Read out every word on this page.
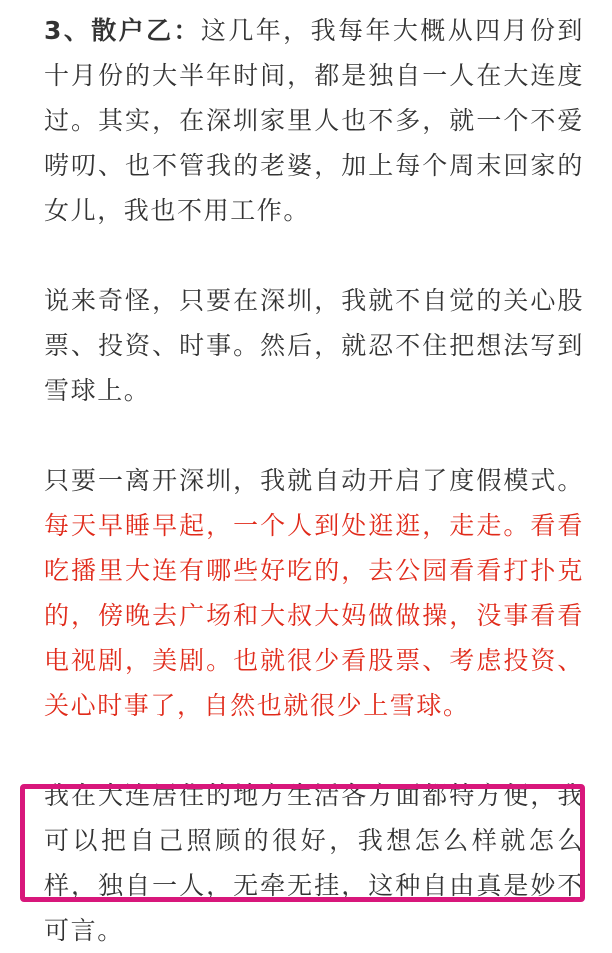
3、散户乙：这几年，我每年大概从四月份到十月份的大半年时间，都是独自一人在大连度过。其实，在深圳家里人也不多，就一个不爱唠叨、也不管我的老婆，加上每个周末回家的女儿，我也不用工作。

说来奇怪，只要在深圳，我就不自觉的关心股票、投资、时事。然后，就忍不住把想法写到雪球上。

只要一离开深圳，我就自动开启了度假模式。每天早睡早起，一个人到处逛逛，走走。看看吃播里大连有哪些好吃的，去公园看看打扑克的，傍晚去广场和大叔大妈做做操，没事看看电视剧，美剧。也就很少看股票、考虑投资、关心时事了，自然也就很少上雪球。

我在大连居住的地方生活各方面都特方便，我可以把自己照顾的很好，我想怎么样就怎么样，独自一人，无牵无挂，这种自由真是妙不可言。
